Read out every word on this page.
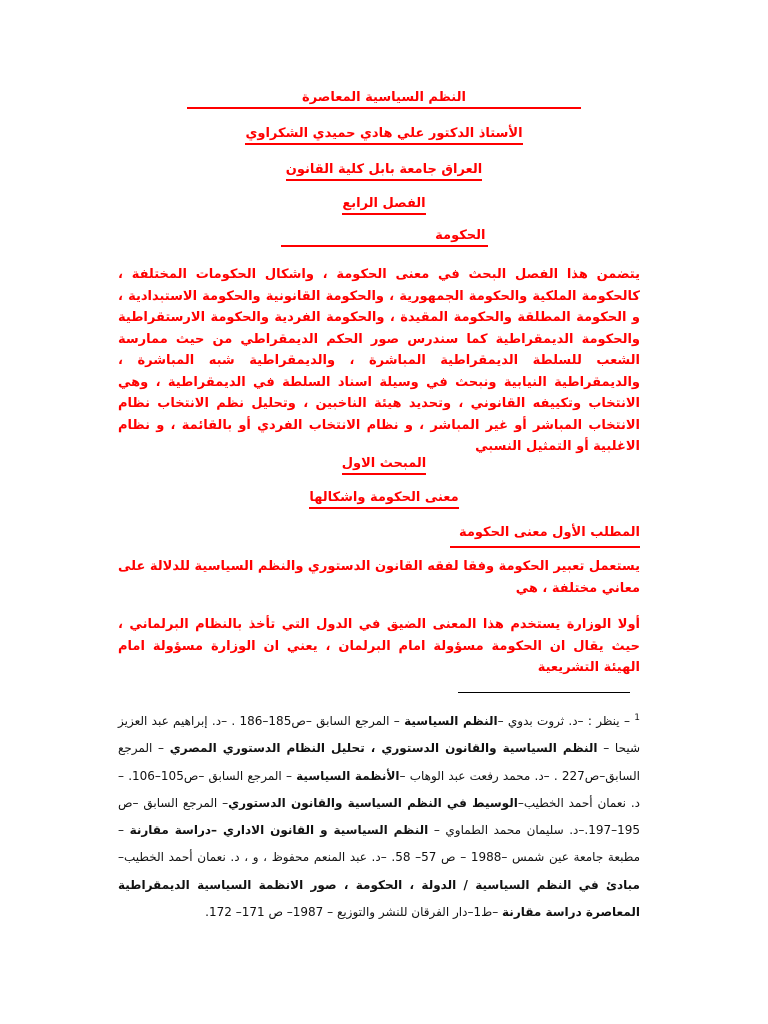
النظم السياسية المعاصرة
الأستاذ الدكتور علي هادي حميدي الشكراوي
العراق جامعة بابل كلية القانون
الفصل الرابع
الحكومة
يتضمن هذا الفصل البحث في معنى الحكومة ، واشكال الحكومات المختلفة ، كالحكومة الملكية والحكومة الجمهورية ، والحكومة القانونية والحكومة الاستبدادية ، و الحكومة المطلقة والحكومة المقيدة ، والحكومة الفردية والحكومة الارستقراطية والحكومة الديمقراطية كما سندرس صور الحكم الديمقراطي من حيث ممارسة الشعب للسلطة الديمقراطية المباشرة ، والديمقراطية شبه المباشرة ، والديمقراطية النيابية ونبحث في وسيلة اسناد السلطة في الديمقراطية ، وهي الانتخاب وتكييفه القانوني ، وتحديد هيئة الناخبين ، وتحليل نظم الانتخاب نظام الانتخاب المباشر أو غير المباشر ، و نظام الانتخاب الفردي أو بالقائمة ، و نظام الاغلبية أو التمثيل النسبي
المبحث الاول
معنى الحكومة واشكالها
المطلب الأول معنى الحكومة
يستعمل تعبير الحكومة وفقا لفقه القانون الدستوري والنظم السياسية للدلالة على معاني مختلفة ، هي
أولا الوزارة يستخدم هذا المعنى الضيق في الدول التي تأخذ بالنظام البرلماني ، حيث يقال ان الحكومة مسؤولة امام البرلمان ، يعني ان الوزارة مسؤولة امام الهيئة التشريعية
$^1$ – ينظر : –د. ثروت بدوي –النظم السياسية – المرجع السابق –ص185–186 . –د. إبراهيم عبد العزيز شيحا – النظم السياسية والقانون الدستوري ، تحليل النظام الدستوري المصري – المرجع السابق–ص227 . –د. محمد رفعت عبد الوهاب –الأنظمة السياسية – المرجع السابق –ص105–106. –د. نعمان أحمد الخطيب–الوسيط في النظم السياسية والقانون الدستوري– المرجع السابق –ص 195–197.–د. سليمان محمد الطماوي – النظم السياسية و القانون الاداري –دراسة مقارنة – مطبعة جامعة عين شمس –1988 – ص 57– 58. –د. عبد المنعم محفوظ ، و ، د. نعمان أحمد الخطيب–مبادئ في النظم السياسية / الدولة ، الحكومة ، صور الانظمة السياسية الديمقراطية المعاصرة دراسة مقارنة –ط1–دار الفرقان للنشر والتوزيع – 1987– ص 171– 172.
